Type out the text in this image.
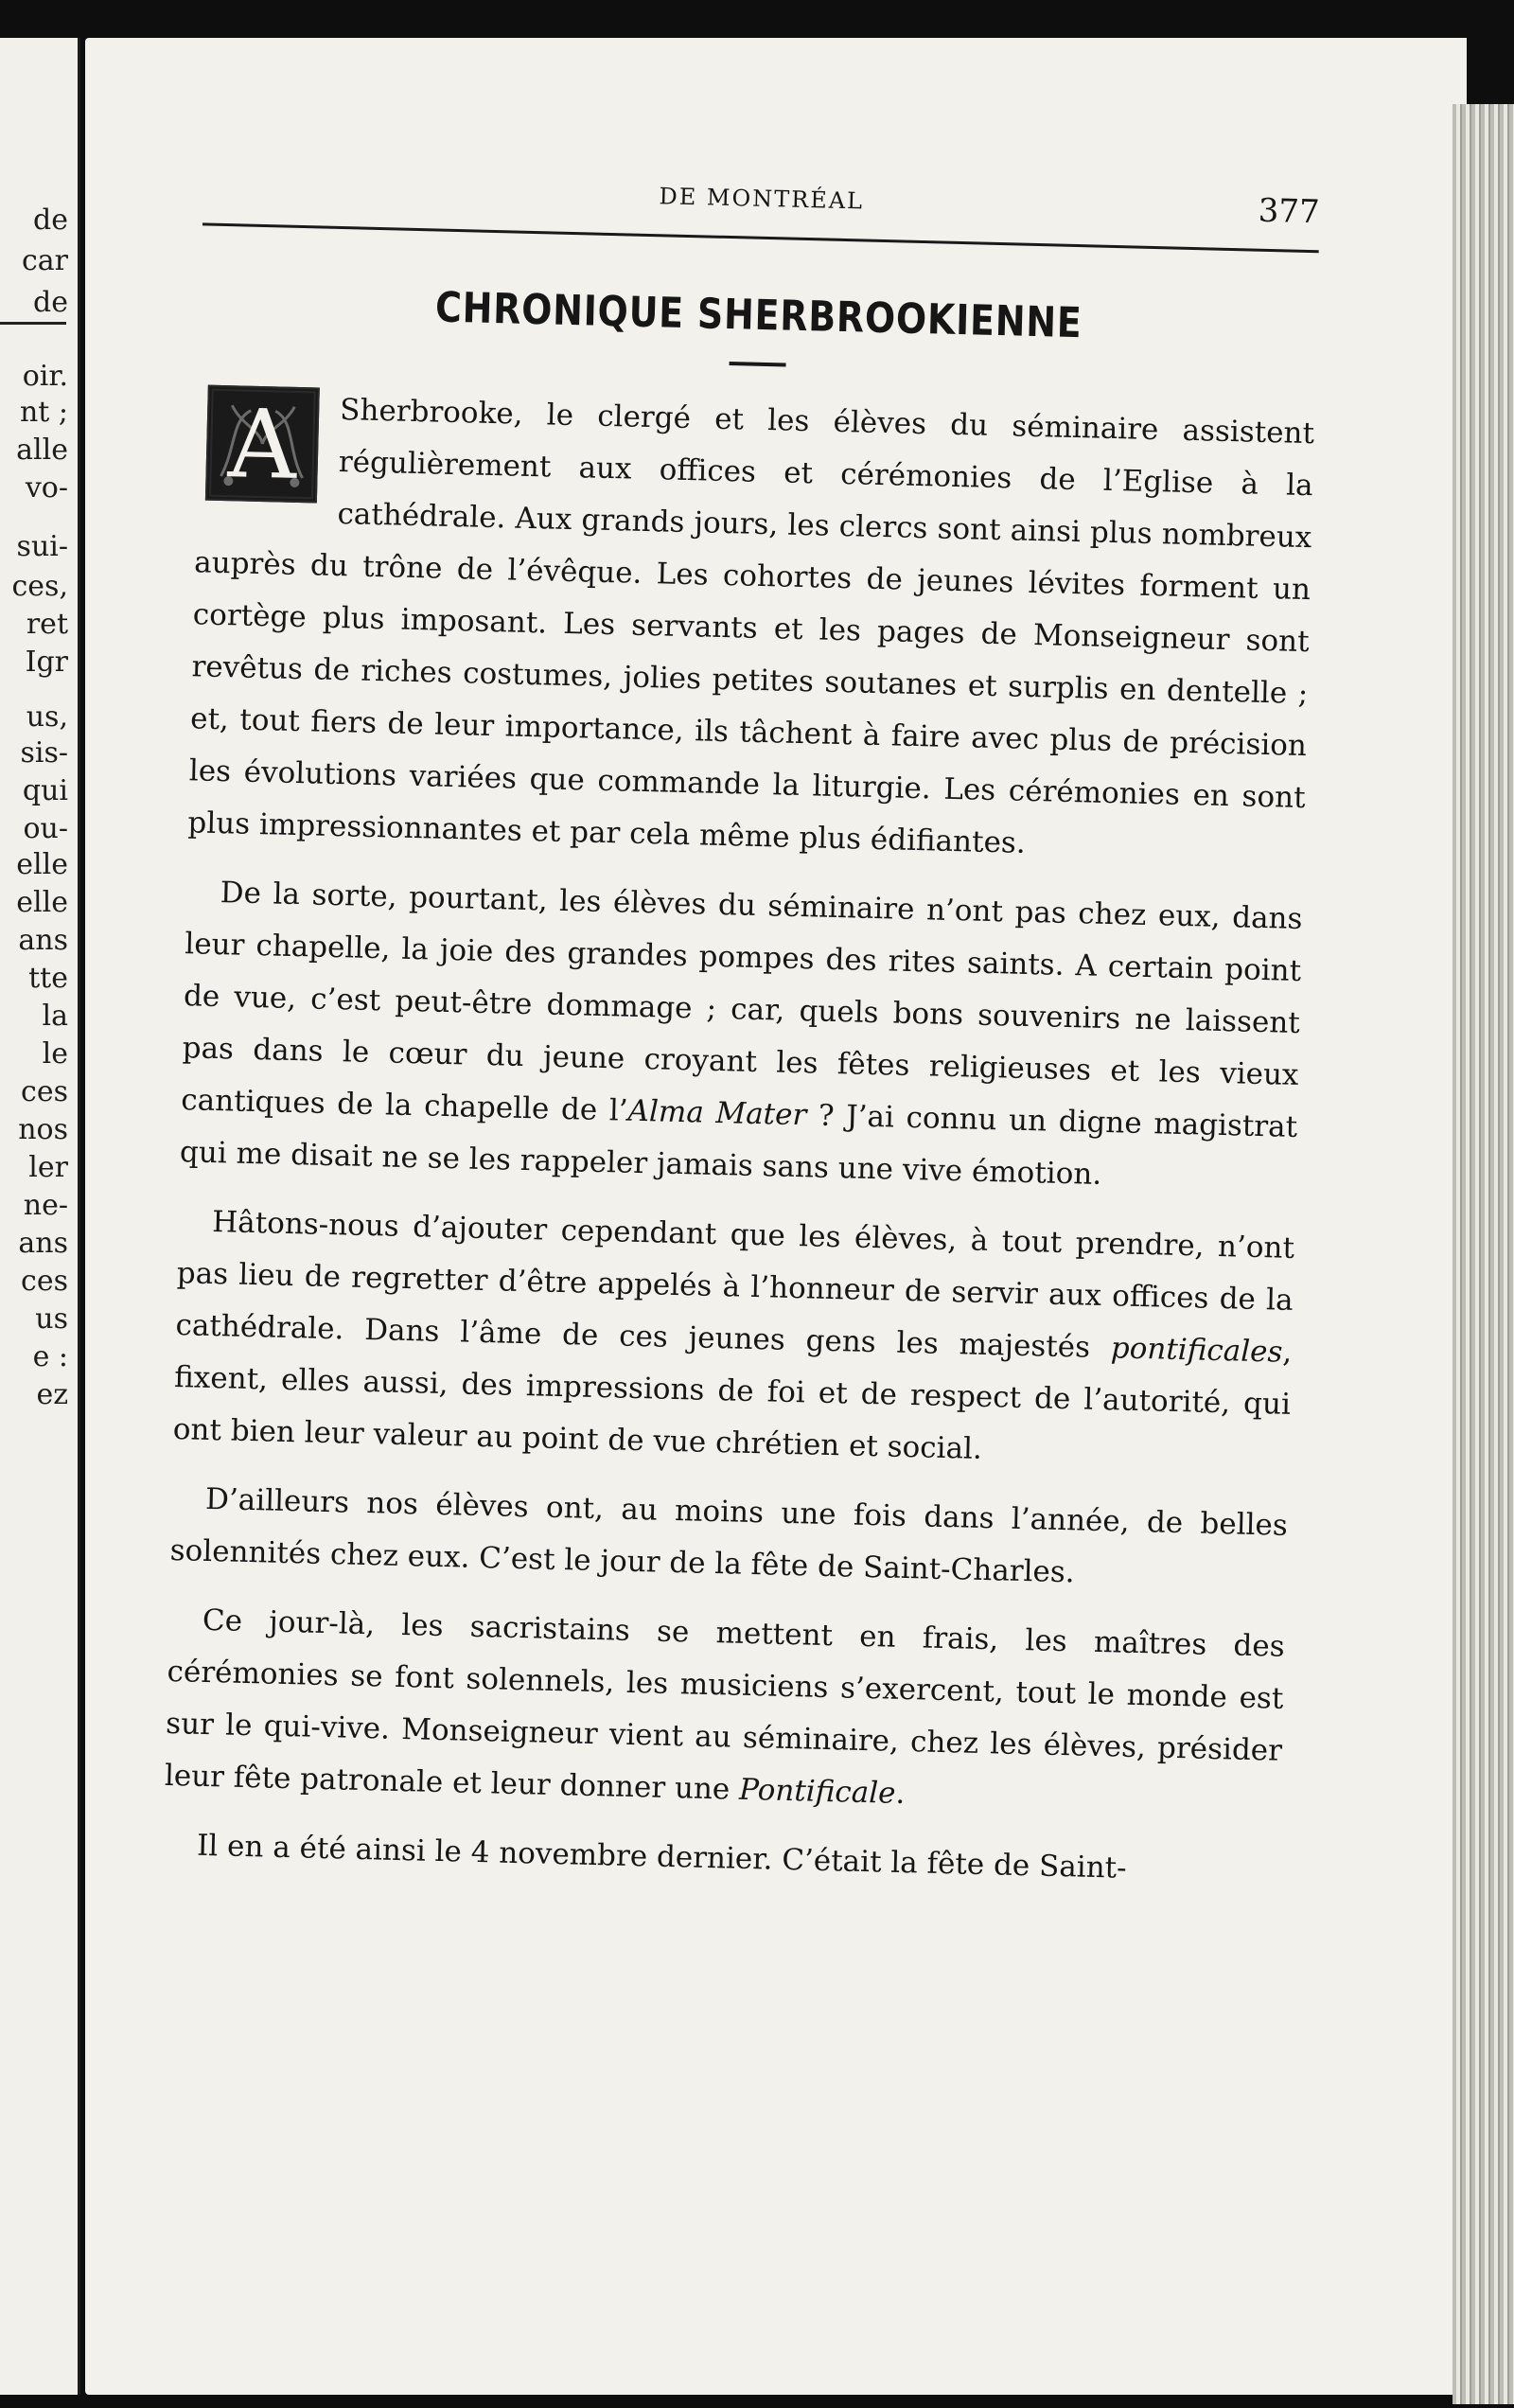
de
car
de
oir.
nt ;
alle
vo-
sui-
ces,
ret
Igr
us,
sis-
qui
ou-
elle
elle
ans
tte
la
le
ces
nos
ler
ne-
ans
ces
us
e :
ez
DE MONTRÉAL	377
CHRONIQUE SHERBROOKIENNE

A	Sherbrooke, le clergé et les élèves du séminaire assistent régulièrement aux offices et cérémonies de l’Eglise à la cathédrale. Aux grands jours, les clercs sont ainsi plus nombreux auprès du trône de l’évêque. Les cohortes de jeunes lévites forment un cortège plus imposant. Les servants et les pages de Monseigneur sont revêtus de riches costumes, jolies petites soutanes et surplis en dentelle ; et, tout fiers de leur importance, ils tâchent à faire avec plus de précision les évolutions variées que commande la liturgie. Les cérémonies en sont plus impressionnantes et par cela même plus édifiantes.

De la sorte, pourtant, les élèves du séminaire n’ont pas chez eux, dans leur chapelle, la joie des grandes pompes des rites saints. A certain point de vue, c’est peut-être dommage ; car, quels bons souvenirs ne laissent pas dans le cœur du jeune croyant les fêtes religieuses et les vieux cantiques de la chapelle de l’Alma Mater ? J’ai connu un digne magistrat qui me disait ne se les rappeler jamais sans une vive émotion.

Hâtons-nous d’ajouter cependant que les élèves, à tout prendre, n’ont pas lieu de regretter d’être appelés à l’honneur de servir aux offices de la cathédrale. Dans l’âme de ces jeunes gens les majestés pontificales, fixent, elles aussi, des impressions de foi et de respect de l’autorité, qui ont bien leur valeur au point de vue chrétien et social.

D’ailleurs nos élèves ont, au moins une fois dans l’année, de belles solennités chez eux. C’est le jour de la fête de Saint-Charles.

Ce jour-là, les sacristains se mettent en frais, les maîtres des cérémonies se font solennels, les musiciens s’exercent, tout le monde est sur le qui-vive. Monseigneur vient au séminaire, chez les élèves, présider leur fête patronale et leur donner une Pontificale.

Il en a été ainsi le 4 novembre dernier. C’était la fête de Saint-
